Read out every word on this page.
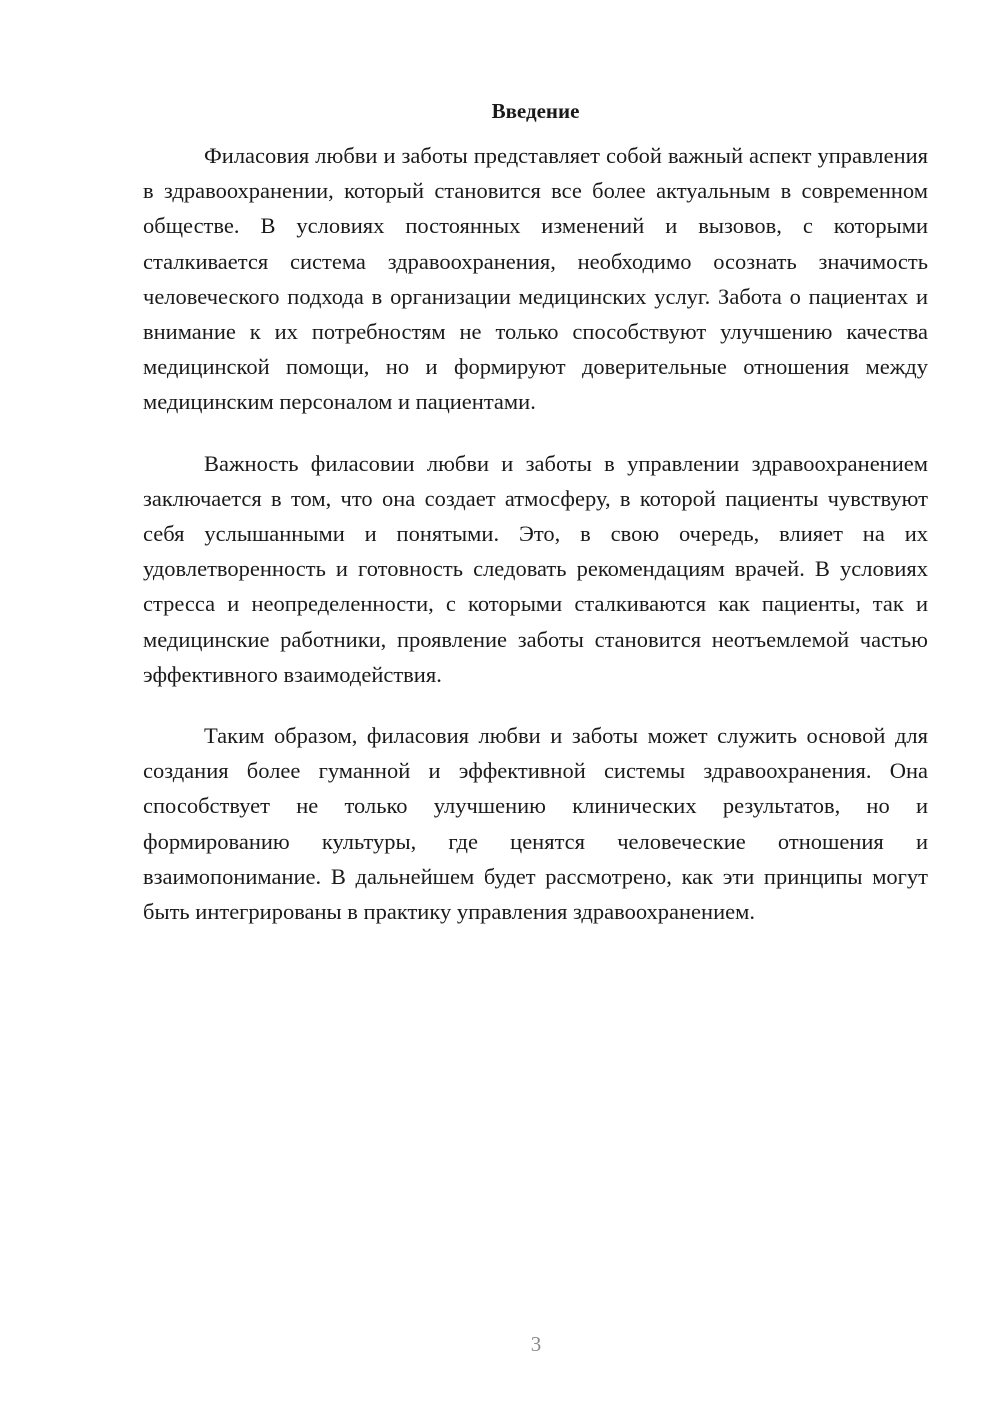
Введение

Филасовия любви и заботы представляет собой важный аспект управления в здравоохранении, который становится все более актуальным в современном обществе. В условиях постоянных изменений и вызовов, с которыми сталкивается система здравоохранения, необходимо осознать значимость человеческого подхода в организации медицинских услуг. Забота о пациентах и внимание к их потребностям не только способствуют улучшению качества медицинской помощи, но и формируют доверительные отношения между медицинским персоналом и пациентами.

Важность филасовии любви и заботы в управлении здравоохранением заключается в том, что она создает атмосферу, в которой пациенты чувствуют себя услышанными и понятыми. Это, в свою очередь, влияет на их удовлетворенность и готовность следовать рекомендациям врачей. В условиях стресса и неопределенности, с которыми сталкиваются как пациенты, так и медицинские работники, проявление заботы становится неотъемлемой частью эффективного взаимодействия.

Таким образом, филасовия любви и заботы может служить основой для создания более гуманной и эффективной системы здравоохранения. Она способствует не только улучшению клинических результатов, но и формированию культуры, где ценятся человеческие отношения и взаимопонимание. В дальнейшем будет рассмотрено, как эти принципы могут быть интегрированы в практику управления здравоохранением.

3
